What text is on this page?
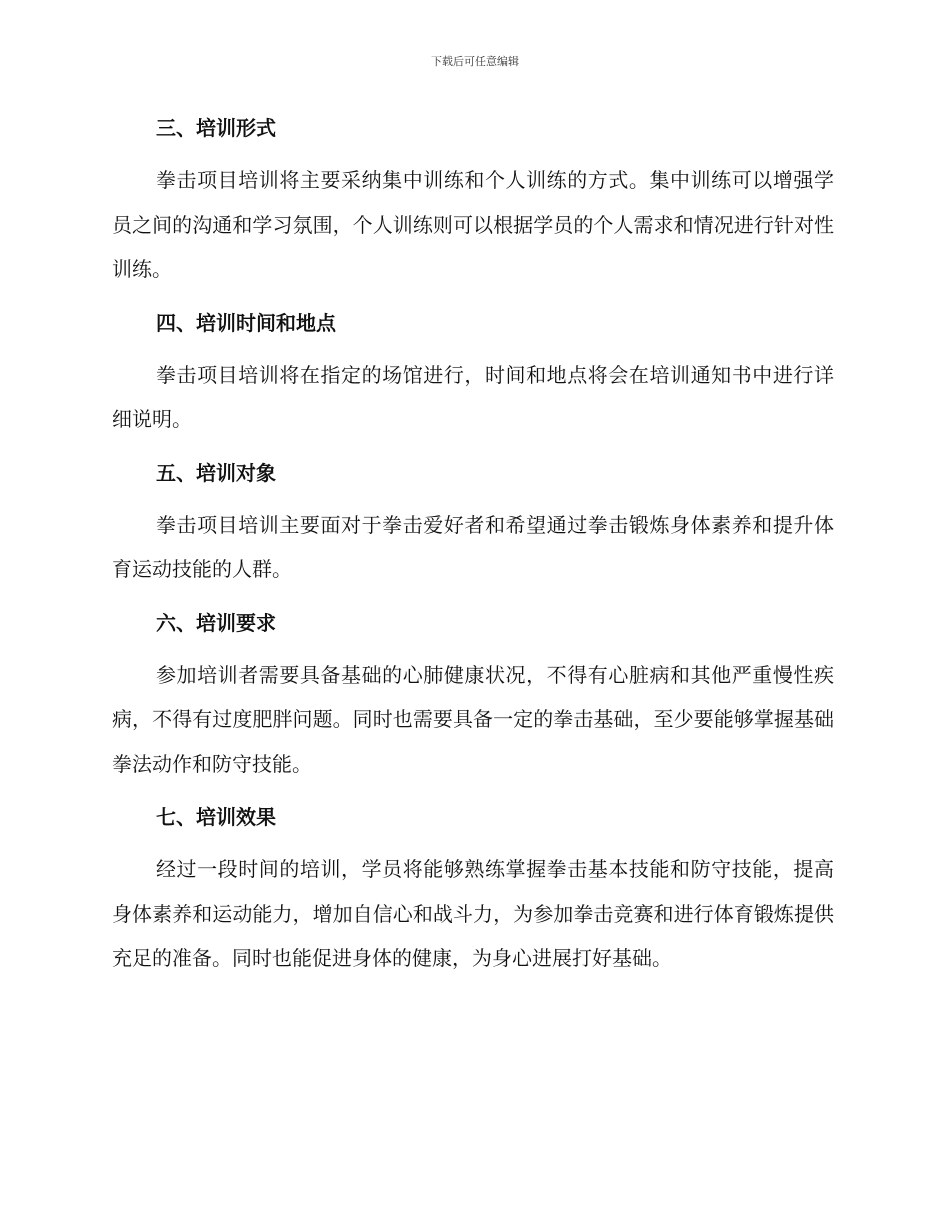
下载后可任意编辑
三、培训形式

拳击项目培训将主要采纳集中训练和个人训练的方式。集中训练可以增强学员之间的沟通和学习氛围，个人训练则可以根据学员的个人需求和情况进行针对性训练。

四、培训时间和地点

拳击项目培训将在指定的场馆进行，时间和地点将会在培训通知书中进行详细说明。

五、培训对象

拳击项目培训主要面对于拳击爱好者和希望通过拳击锻炼身体素养和提升体育运动技能的人群。

六、培训要求

参加培训者需要具备基础的心肺健康状况，不得有心脏病和其他严重慢性疾病，不得有过度肥胖问题。同时也需要具备一定的拳击基础，至少要能够掌握基础拳法动作和防守技能。

七、培训效果

经过一段时间的培训，学员将能够熟练掌握拳击基本技能和防守技能，提高身体素养和运动能力，增加自信心和战斗力，为参加拳击竞赛和进行体育锻炼提供充足的准备。同时也能促进身体的健康，为身心进展打好基础。
